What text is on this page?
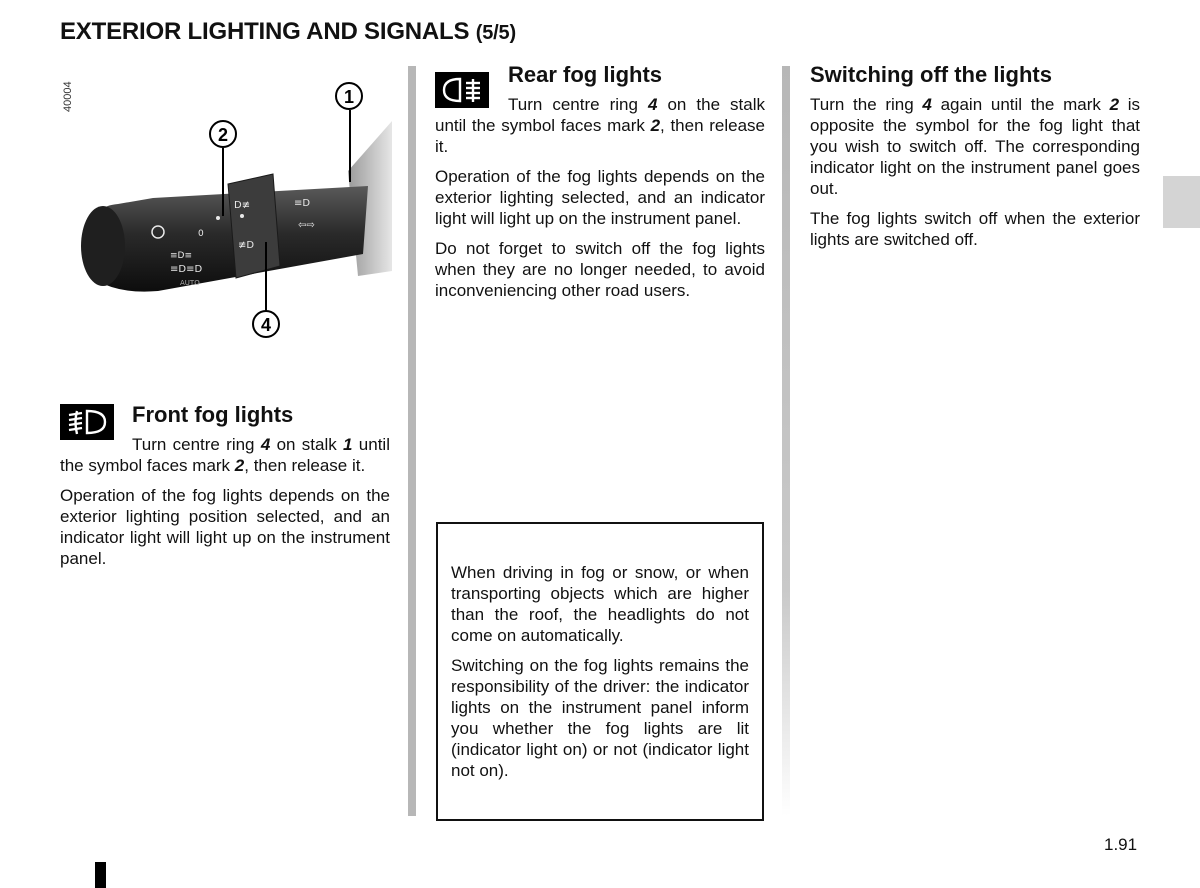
EXTERIOR LIGHTING AND SIGNALS (5/5)
40004
≡D≡
0
D≢
≢D
≡D≡D
AUTO
≡D
⇦⇨
1
2
4
Front fog lights

Turn centre ring 4 on stalk 1 until the symbol faces mark 2, then release it.

Operation of the fog lights depends on the exterior lighting position selected, and an indicator light will light up on the instrument panel.

Rear fog lights

Turn centre ring 4 on the stalk until the symbol faces mark 2, then release it.

Operation of the fog lights depends on the exterior lighting selected, and an indicator light will light up on the instrument panel.

Do not forget to switch off the fog lights when they are no longer needed, to avoid inconveniencing other road users.

When driving in fog or snow, or when transporting objects which are higher than the roof, the headlights do not come on automatically.

Switching on the fog lights remains the responsibility of the driver: the indicator lights on the instrument panel inform you whether the fog lights are lit (indicator light on) or not (indicator light not on).

Switching off the lights

Turn the ring 4 again until the mark 2 is opposite the symbol for the fog light that you wish to switch off. The corresponding indicator light on the instrument panel goes out.

The fog lights switch off when the exterior lights are switched off.

1.91
